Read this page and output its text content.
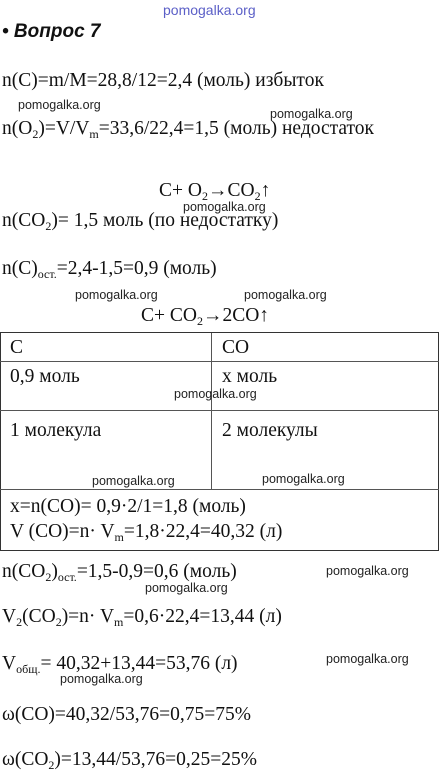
pomogalka.org
• Вопрос 7
n(C)=m/M=28,8/12=2,4 (моль) избыток
pomogalka.org
pomogalka.org
$n(O_2)=V/V_m=33,6/22,4=1,5$ (моль) недостаток
$C+ O_2\to CO_2↑$
pomogalka.org
$n(CO_2)= 1,5$ моль (по недостатку)
$n(C)_{ост.}=2,4-1,5=0,9$ (моль)
pomogalka.org	pomogalka.org
$C+ CO_2\to 2CO↑$
C	CO
0,9 моль	x моль
pomogalka.org
1 молекула	2 молекулы
pomogalka.org	pomogalka.org
x=n(CO)= 0,9·2/1=1,8 (моль)
V $(CO)=n\cdot V_m=1,8\cdot 22,4=40,32$ (л)
$n(CO_2)_{ост.}=1,5-0,9=0,6$ (моль)	pomogalka.org
pomogalka.org
$V_2(CO_2)=n\cdot V_m=0,6\cdot 22,4=13,44$ (л)
$V_{общ.}= 40,32+13,44=53,76$ (л)	pomogalka.org
pomogalka.org
ω(CO)=40,32/53,76=0,75=75%
$\omega(CO_2)=13,44/53,76=0,25=25\%$
